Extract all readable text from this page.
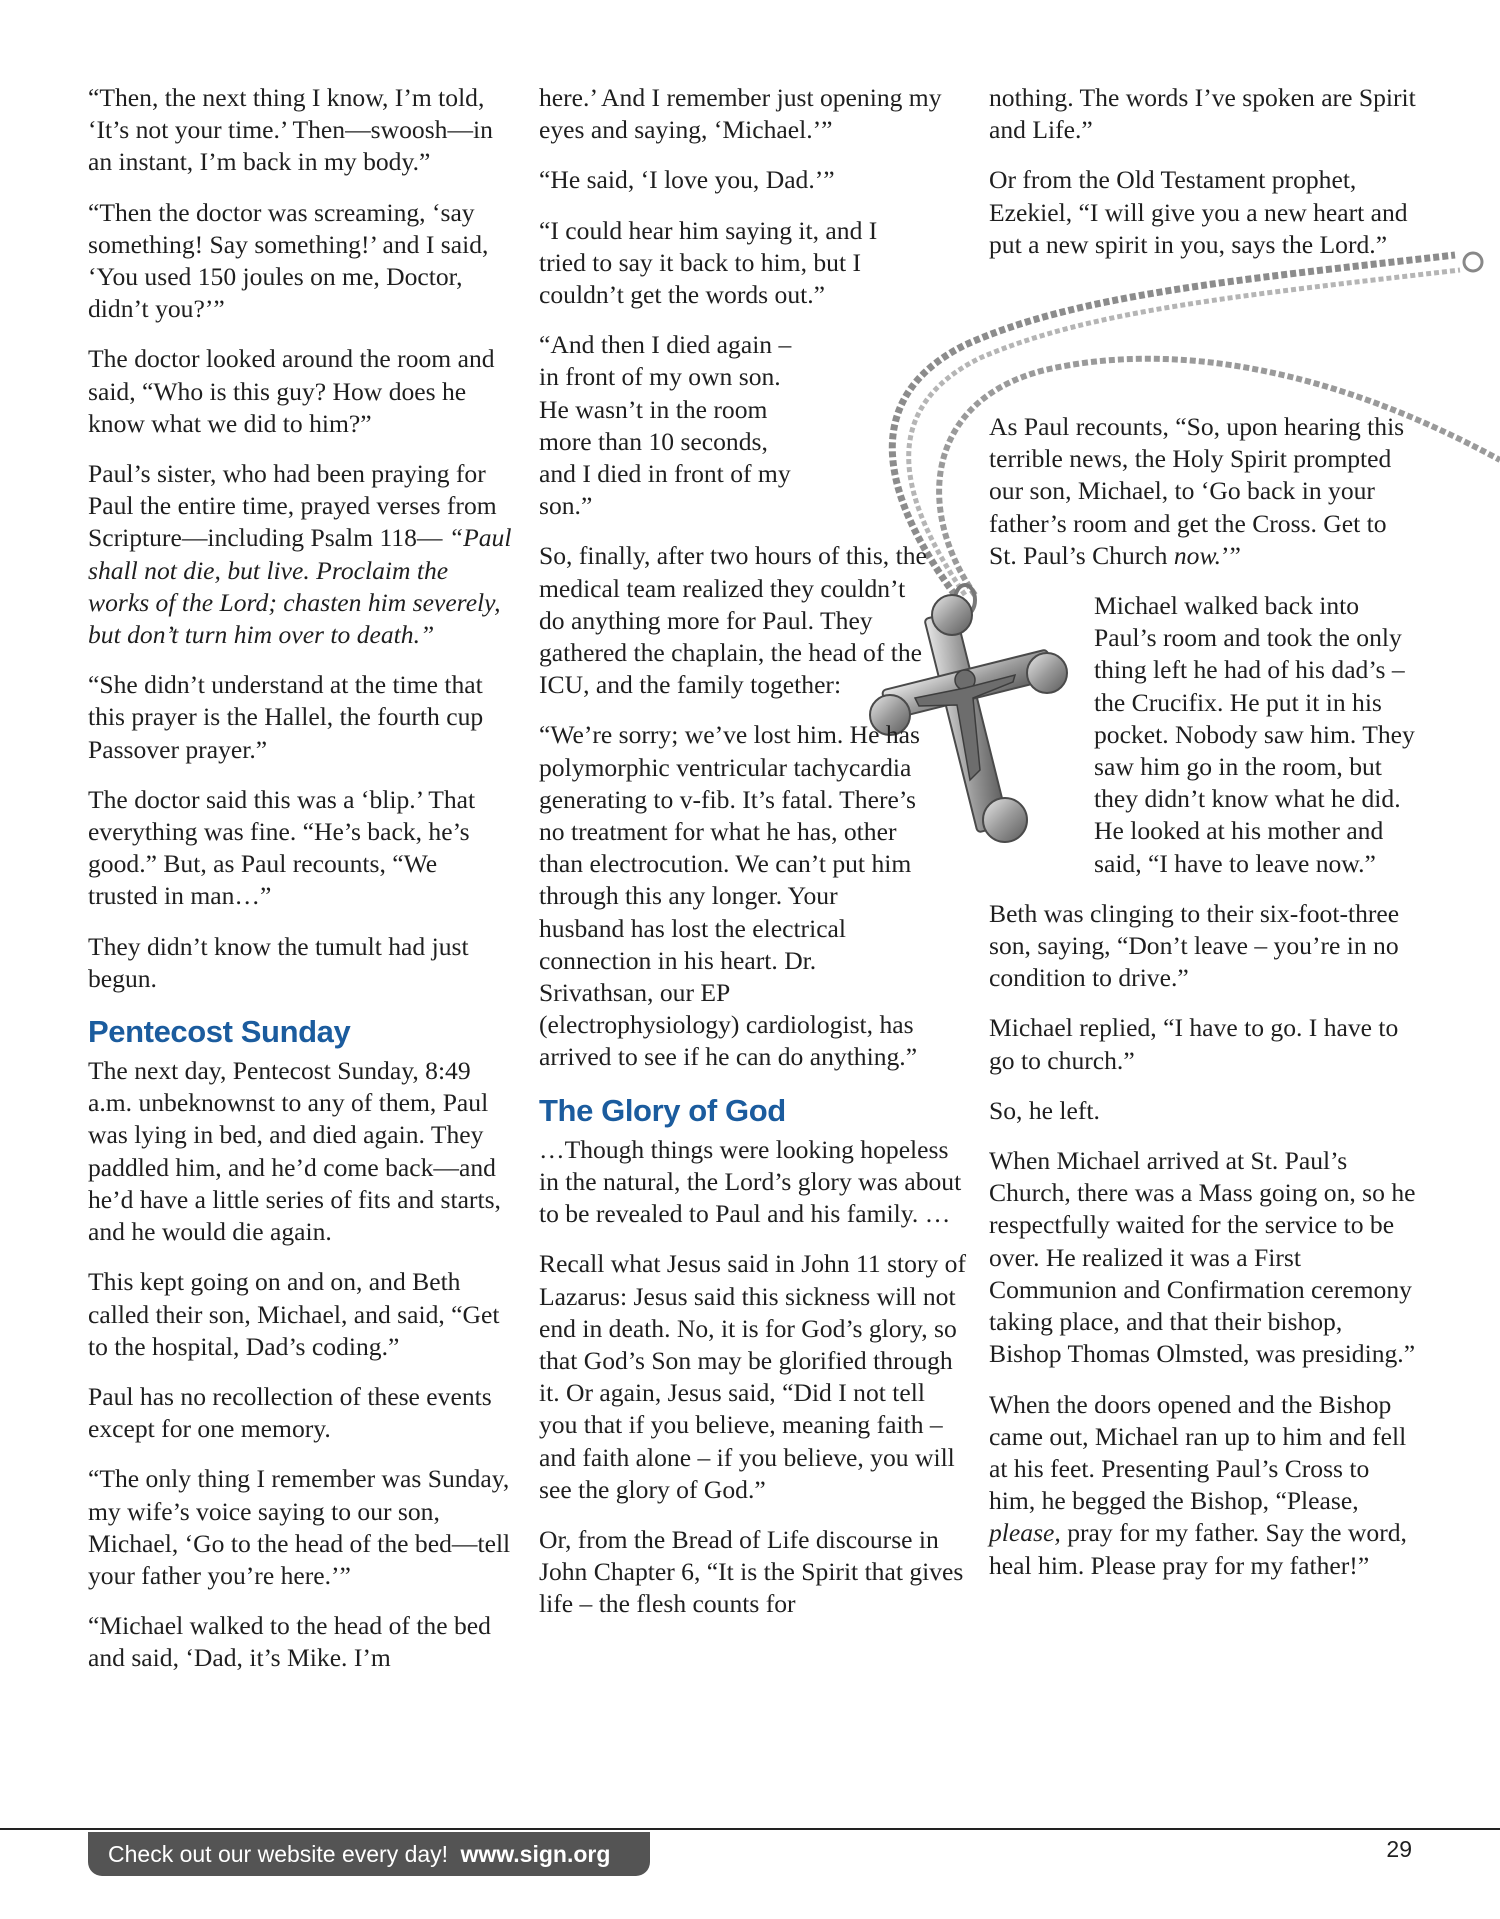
“Then, the next thing I know, I’m told, ‘It’s not your time.’ Then—swoosh—in an instant, I’m back in my body.”

“Then the doctor was screaming, ‘say something! Say something!’ and I said, ‘You used 150 joules on me, Doctor, didn’t you?’”

The doctor looked around the room and said, “Who is this guy? How does he know what we did to him?”

Paul’s sister, who had been praying for Paul the entire time, prayed verses from Scripture—including Psalm 118— “Paul shall not die, but live. Proclaim the works of the Lord; chasten him severely, but don’t turn him over to death.”

“She didn’t understand at the time that this prayer is the Hallel, the fourth cup Passover prayer.”

The doctor said this was a ‘blip.’ That everything was fine. “He’s back, he’s good.” But, as Paul recounts, “We trusted in man…”

They didn’t know the tumult had just begun.

Pentecost Sunday

The next day, Pentecost Sunday, 8:49 a.m. unbeknownst to any of them, Paul was lying in bed, and died again. They paddled him, and he’d come back—and he’d have a little series of fits and starts, and he would die again.

This kept going on and on, and Beth called their son, Michael, and said, “Get to the hospital, Dad’s coding.”

Paul has no recollection of these events except for one memory.

“The only thing I remember was Sunday, my wife’s voice saying to our son, Michael, ‘Go to the head of the bed—tell your father you’re here.’”

“Michael walked to the head of the bed and said, ‘Dad, it’s Mike. I’m

here.’ And I remember just opening my eyes and saying, ‘Michael.’”

“He said, ‘I love you, Dad.’”

“I could hear him saying it, and I tried to say it back to him, but I couldn’t get the words out.”

“And then I died again – in front of my own son. He wasn’t in the room more than 10 seconds, and I died in front of my son.”

So, finally, after two hours of this, the medical team realized they couldn’t do anything more for Paul. They gathered the chaplain, the head of the ICU, and the family together:

“We’re sorry; we’ve lost him. He has polymorphic ventricular tachycardia generating to v-fib. It’s fatal. There’s no treatment for what he has, other than electrocution. We can’t put him through this any longer. Your husband has lost the electrical connection in his heart. Dr. Srivathsan, our EP (electrophysiology) cardiologist, has arrived to see if he can do anything.”

The Glory of God

…Though things were looking hopeless in the natural, the Lord’s glory was about to be revealed to Paul and his family. …

Recall what Jesus said in John 11 story of Lazarus: Jesus said this sickness will not end in death. No, it is for God’s glory, so that God’s Son may be glorified through it. Or again, Jesus said, “Did I not tell you that if you believe, meaning faith – and faith alone – if you believe, you will see the glory of God.”

Or, from the Bread of Life discourse in John Chapter 6, “It is the Spirit that gives life – the flesh counts for

nothing. The words I’ve spoken are Spirit and Life.”

Or from the Old Testament prophet, Ezekiel, “I will give you a new heart and put a new spirit in you, says the Lord.”

As Paul recounts, “So, upon hearing this terrible news, the Holy Spirit prompted our son, Michael, to ‘Go back in your father’s room and get the Cross. Get to St. Paul’s Church now.’”

Michael walked back into Paul’s room and took the only thing left he had of his dad’s – the Crucifix. He put it in his pocket. Nobody saw him. They saw him go in the room, but they didn’t know what he did. He looked at his mother and said, “I have to leave now.”

Beth was clinging to their six-foot-three son, saying, “Don’t leave – you’re in no condition to drive.”

Michael replied, “I have to go. I have to go to church.”

So, he left.

When Michael arrived at St. Paul’s Church, there was a Mass going on, so he respectfully waited for the service to be over. He realized it was a First Communion and Confirmation ceremony taking place, and that their bishop, Bishop Thomas Olmsted, was presiding.”

When the doors opened and the Bishop came out, Michael ran up to him and fell at his feet. Presenting Paul’s Cross to him, he begged the Bishop, “Please, please, pray for my father. Say the word, heal him. Please pray for my father!”

Check out our website every day! www.sign.org	29
